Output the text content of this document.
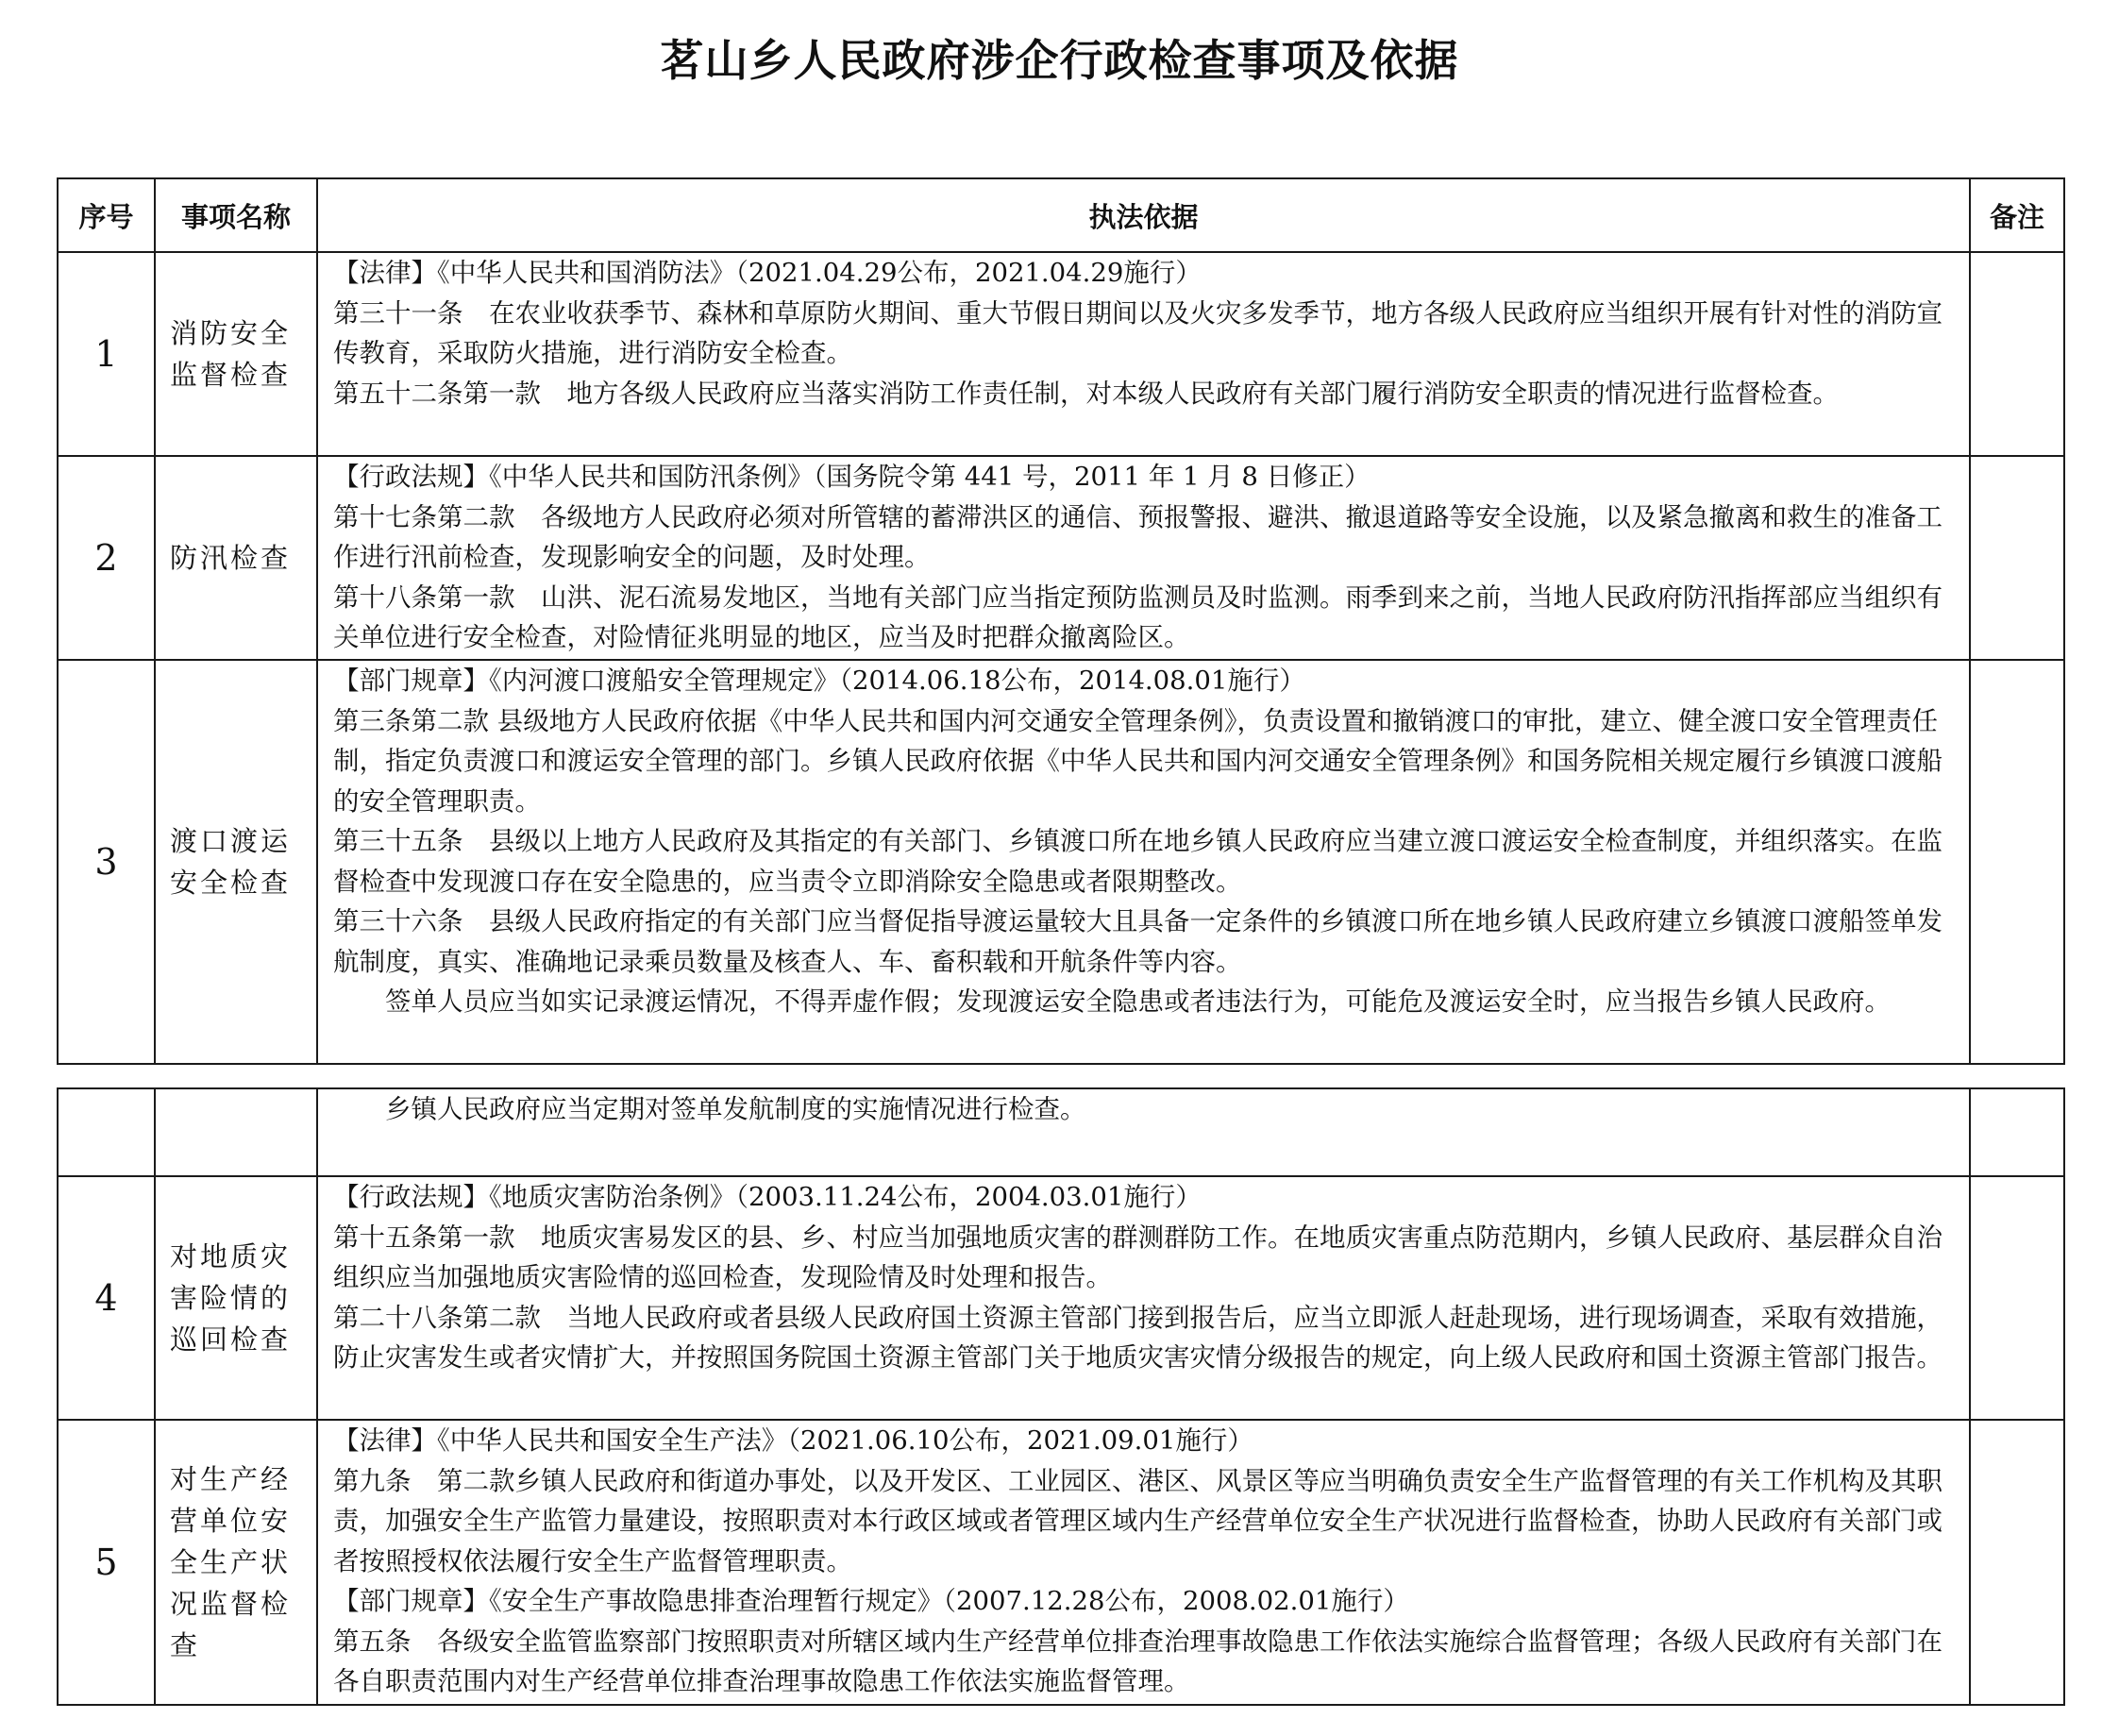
茗山乡人民政府涉企行政检查事项及依据
序号	事项名称	执法依据	备注
1	消防安全监督检查	【法律】《中华人民共和国消防法》（2021.04.29公布，2021.04.29施行）

第三十一条　在农业收获季节、森林和草原防火期间、重大节假日期间以及火灾多发季节，地方各级人民政府应当组织开展有针对性的消防宣传教育，采取防火措施，进行消防安全检查。

第五十二条第一款　地方各级人民政府应当落实消防工作责任制，对本级人民政府有关部门履行消防安全职责的情况进行监督检查。	

2	防汛检查	【行政法规】《中华人民共和国防汛条例》（国务院令第 441 号，2011 年 1 月 8 日修正）

第十七条第二款　各级地方人民政府必须对所管辖的蓄滞洪区的通信、预报警报、避洪、撤退道路等安全设施，以及紧急撤离和救生的准备工作进行汛前检查，发现影响安全的问题，及时处理。

第十八条第一款　山洪、泥石流易发地区，当地有关部门应当指定预防监测员及时监测。雨季到来之前，当地人民政府防汛指挥部应当组织有关单位进行安全检查，对险情征兆明显的地区，应当及时把群众撤离险区。	

3	渡口渡运安全检查	【部门规章】《内河渡口渡船安全管理规定》（2014.06.18公布，2014.08.01施行）

第三条第二款 县级地方人民政府依据《中华人民共和国内河交通安全管理条例》，负责设置和撤销渡口的审批，建立、健全渡口安全管理责任制，指定负责渡口和渡运安全管理的部门。乡镇人民政府依据《中华人民共和国内河交通安全管理条例》和国务院相关规定履行乡镇渡口渡船的安全管理职责。

第三十五条　县级以上地方人民政府及其指定的有关部门、乡镇渡口所在地乡镇人民政府应当建立渡口渡运安全检查制度，并组织落实。在监督检查中发现渡口存在安全隐患的，应当责令立即消除安全隐患或者限期整改。

第三十六条　县级人民政府指定的有关部门应当督促指导渡运量较大且具备一定条件的乡镇渡口所在地乡镇人民政府建立乡镇渡口渡船签单发航制度，真实、准确地记录乘员数量及核查人、车、畜积载和开航条件等内容。

签单人员应当如实记录渡运情况，不得弄虚作假；发现渡运安全隐患或者违法行为，可能危及渡运安全时，应当报告乡镇人民政府。	

		乡镇人民政府应当定期对签单发航制度的实施情况进行检查。	

4	对地质灾害险情的巡回检查	【行政法规】《地质灾害防治条例》（2003.11.24公布，2004.03.01施行）

第十五条第一款　地质灾害易发区的县、乡、村应当加强地质灾害的群测群防工作。在地质灾害重点防范期内，乡镇人民政府、基层群众自治组织应当加强地质灾害险情的巡回检查，发现险情及时处理和报告。

第二十八条第二款　当地人民政府或者县级人民政府国土资源主管部门接到报告后，应当立即派人赶赴现场，进行现场调查，采取有效措施，防止灾害发生或者灾情扩大，并按照国务院国土资源主管部门关于地质灾害灾情分级报告的规定，向上级人民政府和国土资源主管部门报告。	

5	对生产经营单位安全生产状况监督检查	【法律】《中华人民共和国安全生产法》（2021.06.10公布，2021.09.01施行）

第九条　第二款乡镇人民政府和街道办事处，以及开发区、工业园区、港区、风景区等应当明确负责安全生产监督管理的有关工作机构及其职责，加强安全生产监管力量建设，按照职责对本行政区域或者管理区域内生产经营单位安全生产状况进行监督检查，协助人民政府有关部门或者按照授权依法履行安全生产监督管理职责。

【部门规章】《安全生产事故隐患排查治理暂行规定》（2007.12.28公布，2008.02.01施行）

第五条　各级安全监管监察部门按照职责对所辖区域内生产经营单位排查治理事故隐患工作依法实施综合监督管理；各级人民政府有关部门在各自职责范围内对生产经营单位排查治理事故隐患工作依法实施监督管理。	
